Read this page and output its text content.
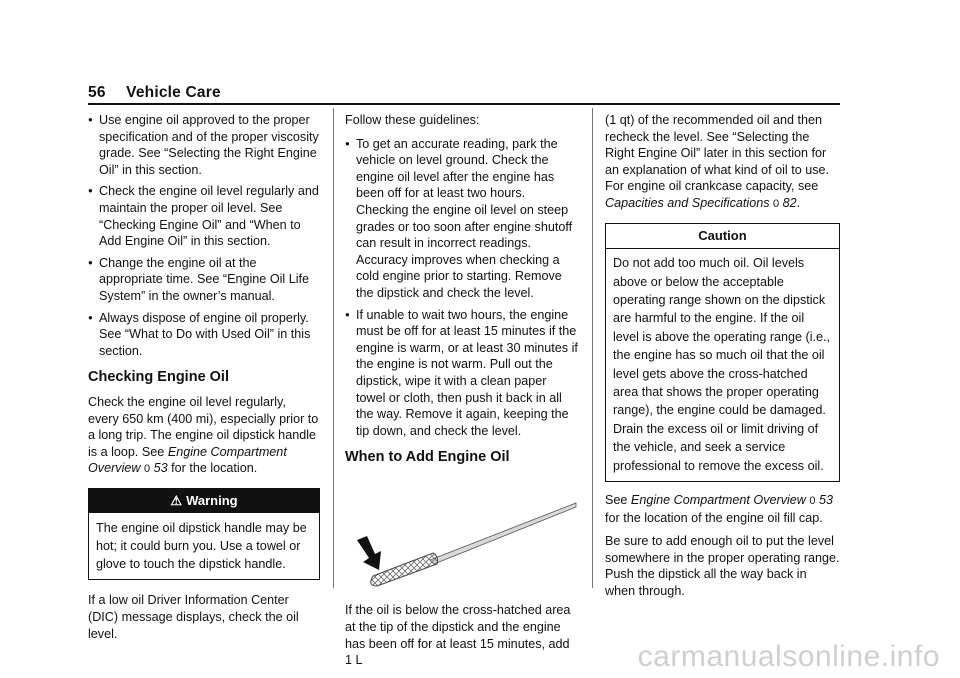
56 Vehicle Care
● Use engine oil approved to the proper specification and of the proper viscosity grade. See “Selecting the Right Engine Oil” in this section.
● Check the engine oil level regularly and maintain the proper oil level. See “Checking Engine Oil” and “When to Add Engine Oil” in this section.
● Change the engine oil at the appropriate time. See “Engine Oil Life System” in the owner’s manual.
● Always dispose of engine oil properly. See “What to Do with Used Oil” in this section.
Checking Engine Oil

Check the engine oil level regularly, every 650 km (400 mi), especially prior to a long trip. The engine oil dipstick handle is a loop. See Engine Compartment Overview 0 53 for the location.

⚠ Warning
The engine oil dipstick handle may be hot; it could burn you. Use a towel or glove to touch the dipstick handle.

If a low oil Driver Information Center (DIC) message displays, check the oil level.

Follow these guidelines:

● To get an accurate reading, park the vehicle on level ground. Check the engine oil level after the engine has been off for at least two hours. Checking the engine oil level on steep grades or too soon after engine shutoff can result in incorrect readings. Accuracy improves when checking a cold engine prior to starting. Remove the dipstick and check the level.
● If unable to wait two hours, the engine must be off for at least 15 minutes if the engine is warm, or at least 30 minutes if the engine is not warm. Pull out the dipstick, wipe it with a clean paper towel or cloth, then push it back in all the way. Remove it again, keeping the tip down, and check the level.
When to Add Engine Oil

If the oil is below the cross-hatched area at the tip of the dipstick and the engine has been off for at least 15 minutes, add 1 L

(1 qt) of the recommended oil and then recheck the level. See “Selecting the Right Engine Oil” later in this section for an explanation of what kind of oil to use. For engine oil crankcase capacity, see Capacities and Specifications 0 82.

Caution
Do not add too much oil. Oil levels above or below the acceptable operating range shown on the dipstick are harmful to the engine. If the oil level is above the operating range (i.e., the engine has so much oil that the oil level gets above the cross-hatched area that shows the proper operating range), the engine could be damaged. Drain the excess oil or limit driving of the vehicle, and seek a service professional to remove the excess oil.

See Engine Compartment Overview 0 53 for the location of the engine oil fill cap.

Be sure to add enough oil to put the level somewhere in the proper operating range. Push the dipstick all the way back in when through.

carmanualsonline.info
